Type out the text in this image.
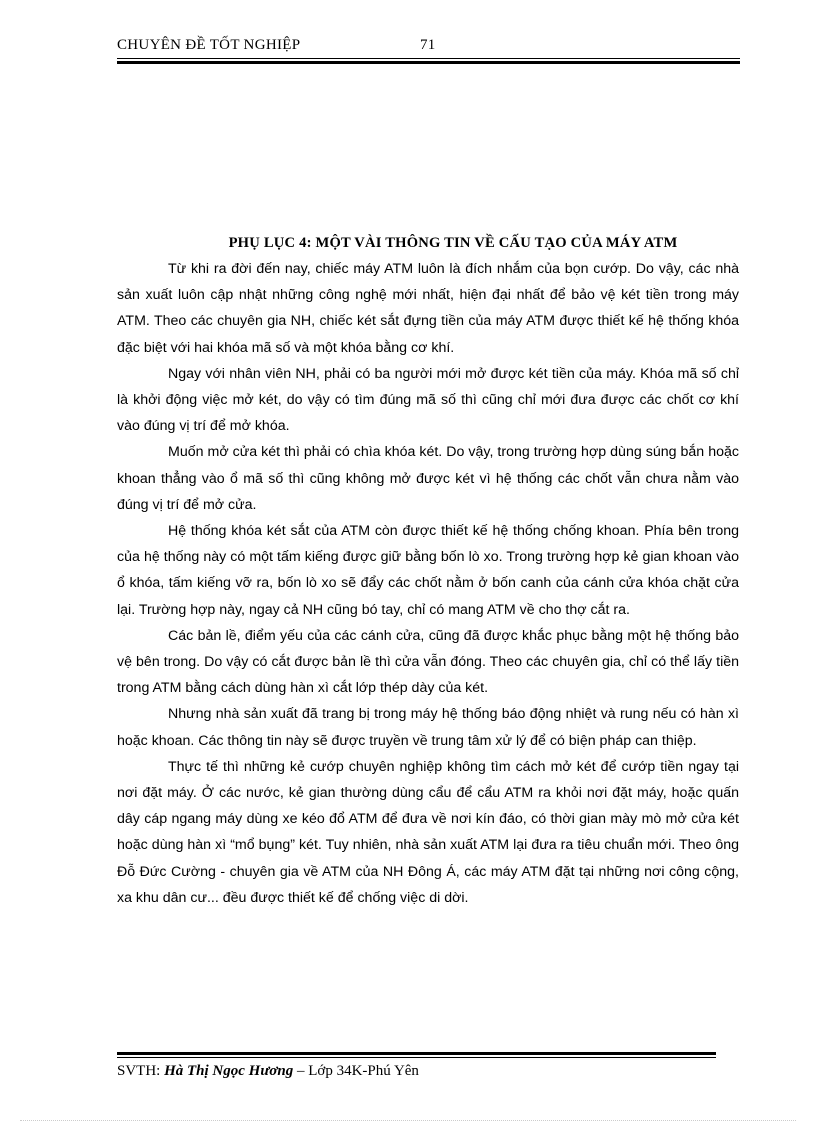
CHUYÊN ĐỀ TỐT NGHIỆP	71

PHỤ LỤC 4: MỘT VÀI THÔNG TIN VỀ CẤU TẠO CỦA MÁY ATM

Từ khi ra đời đến nay, chiếc máy ATM luôn là đích nhắm của bọn cướp. Do vậy, các nhà sản xuất luôn cập nhật những công nghệ mới nhất, hiện đại nhất để bảo vệ két tiền trong máy ATM. Theo các chuyên gia NH, chiếc két sắt đựng tiền của máy ATM được thiết kế hệ thống khóa đặc biệt với hai khóa mã số và một khóa bằng cơ khí.

Ngay với nhân viên NH, phải có ba người mới mở được két tiền của máy. Khóa mã số chỉ là khởi động việc mở két, do vậy có tìm đúng mã số thì cũng chỉ mới đưa được các chốt cơ khí vào đúng vị trí để mở khóa.

Muốn mở cửa két thì phải có chìa khóa két. Do vậy, trong trường hợp dùng súng bắn hoặc khoan thẳng vào ổ mã số thì cũng không mở được két vì hệ thống các chốt vẫn chưa nằm vào đúng vị trí để mở cửa.

Hệ thống khóa két sắt của ATM còn được thiết kế hệ thống chống khoan. Phía bên trong của hệ thống này có một tấm kiếng được giữ bằng bốn lò xo. Trong trường hợp kẻ gian khoan vào ổ khóa, tấm kiếng vỡ ra, bốn lò xo sẽ đẩy các chốt nằm ở bốn canh của cánh cửa khóa chặt cửa lại. Trường hợp này, ngay cả NH cũng bó tay, chỉ có mang ATM về cho thợ cắt ra.

Các bản lề, điểm yếu của các cánh cửa, cũng đã được khắc phục bằng một hệ thống bảo vệ bên trong. Do vậy có cắt được bản lề thì cửa vẫn đóng. Theo các chuyên gia, chỉ có thể lấy tiền trong ATM bằng cách dùng hàn xì cắt lớp thép dày của két.

Nhưng nhà sản xuất đã trang bị trong máy hệ thống báo động nhiệt và rung nếu có hàn xì hoặc khoan. Các thông tin này sẽ được truyền về trung tâm xử lý để có biện pháp can thiệp.

Thực tế thì những kẻ cướp chuyên nghiệp không tìm cách mở két để cướp tiền ngay tại nơi đặt máy. Ở các nước, kẻ gian thường dùng cẩu để cẩu ATM ra khỏi nơi đặt máy, hoặc quấn dây cáp ngang máy dùng xe kéo đổ ATM để đưa về nơi kín đáo, có thời gian mày mò mở cửa két hoặc dùng hàn xì “mổ bụng” két. Tuy nhiên, nhà sản xuất ATM lại đưa ra tiêu chuẩn mới. Theo ông Đỗ Đức Cường - chuyên gia về ATM của NH Đông Á, các máy ATM đặt tại những nơi công cộng, xa khu dân cư... đều được thiết kế để chống việc di dời.

SVTH: Hà Thị Ngọc Hương – Lớp 34K-Phú Yên
